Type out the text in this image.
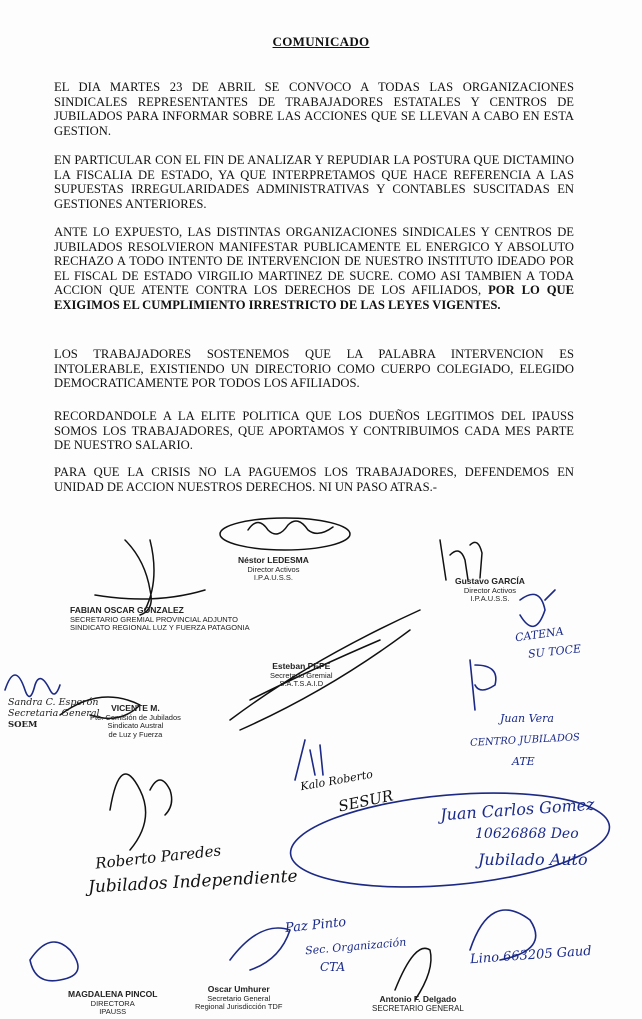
COMUNICADO
EL DIA MARTES 23 DE ABRIL SE CONVOCO A TODAS LAS ORGANIZACIONES SINDICALES REPRESENTANTES DE TRABAJADORES ESTATALES Y CENTROS DE JUBILADOS PARA INFORMAR SOBRE LAS ACCIONES QUE SE LLEVAN A CABO EN ESTA GESTION.
EN PARTICULAR CON EL FIN DE ANALIZAR Y REPUDIAR LA POSTURA QUE DICTAMINO LA FISCALIA DE ESTADO, YA QUE INTERPRETAMOS QUE HACE REFERENCIA A LAS SUPUESTAS IRREGULARIDADES ADMINISTRATIVAS Y CONTABLES SUSCITADAS EN GESTIONES ANTERIORES.
ANTE LO EXPUESTO, LAS DISTINTAS ORGANIZACIONES SINDICALES Y CENTROS DE JUBILADOS RESOLVIERON MANIFESTAR PUBLICAMENTE EL ENERGICO Y ABSOLUTO RECHAZO A TODO INTENTO DE INTERVENCION DE NUESTRO INSTITUTO IDEADO POR EL FISCAL DE ESTADO VIRGILIO MARTINEZ DE SUCRE. COMO ASI TAMBIEN A TODA ACCION QUE ATENTE CONTRA LOS DERECHOS DE LOS AFILIADOS, POR LO QUE EXIGIMOS EL CUMPLIMIENTO IRRESTRICTO DE LAS LEYES VIGENTES.
LOS TRABAJADORES SOSTENEMOS QUE LA PALABRA INTERVENCION ES INTOLERABLE, EXISTIENDO UN DIRECTORIO COMO CUERPO COLEGIADO, ELEGIDO DEMOCRATICAMENTE POR TODOS LOS AFILIADOS.
RECORDANDOLE A LA ELITE POLITICA QUE LOS DUEÑOS LEGITIMOS DEL IPAUSS SOMOS LOS TRABAJADORES, QUE APORTAMOS Y CONTRIBUIMOS CADA MES PARTE DE NUESTRO SALARIO.
PARA QUE LA CRISIS NO LA PAGUEMOS LOS TRABAJADORES, DEFENDEMOS EN UNIDAD DE ACCION NUESTROS DERECHOS. NI UN PASO ATRAS.-
Néstor LEDESMA
Director Activos
I.P.A.U.S.S.	Gustavo GARCÍA
Director Activos
I.P.A.U.S.S.
FABIAN OSCAR GONZALEZ
SECRETARIO GREMIAL PROVINCIAL ADJUNTO
SINDICATO REGIONAL LUZ Y FUERZA PATAGONIA
Esteban PEPE
Secretario Gremial
S.A.T.S.A.I.D
Sandra C. Esperón
Secretaria General
SOEM
VICENTE M.
Pte. Comisión de Jubilados
Sindicato Austral
de Luz y Fuerza
MAGDALENA PINCOL
DIRECTORA
IPAUSS
Oscar Umhurer
Secretario General
Regional Jurisdicción TDF
Antonio F. Delgado
SECRETARIO GENERAL
CATENA
SU TOCE
Juan Vera
CENTRO JUBILADOS
ATE
Kalo Roberto
SESUR	Juan Carlos Gomez
10626868 Deo
Jubilado Auto
Roberto Paredes
Jubilados Independiente
Paz Pinto
Sec. Organización
CTA	Lino 663205 Gaud
